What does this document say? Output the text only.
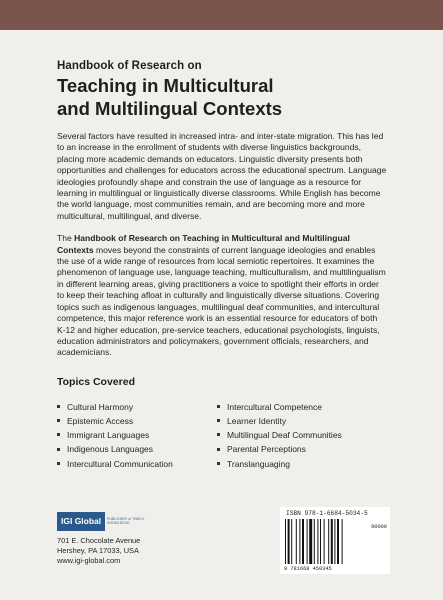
Handbook of Research on
Teaching in Multicultural
and Multilingual Contexts

Several factors have resulted in increased intra- and inter-state migration. This has led to an increase in the enrollment of students with diverse linguistics backgrounds, placing more academic demands on educators. Linguistic diversity presents both opportunities and challenges for educators across the educational spectrum. Language ideologies profoundly shape and constrain the use of language as a resource for learning in multilingual or linguistically diverse classrooms. While English has become the world language, most communities remain, and are becoming more and more multicultural, multilingual, and diverse.

The Handbook of Research on Teaching in Multicultural and Multilingual Contexts moves beyond the constraints of current language ideologies and enables the use of a wide range of resources from local semiotic repertoires. It examines the phenomenon of language use, language teaching, multiculturalism, and multilingualism in different learning areas, giving practitioners a voice to spotlight their efforts in order to keep their teaching afloat in culturally and linguistically diverse situations. Covering topics such as indigenous languages, multilingual deaf communities, and intercultural competence, this major reference work is an essential resource for educators of both K-12 and higher education, pre-service teachers, educational psychologists, linguists, education administrators and policymakers, government officials, researchers, and academicians.

Topics Covered
Cultural Harmony
Epistemic Access
Immigrant Languages
Indigenous Languages
Intercultural Communication
Intercultural Competence
Learner Identity
Multilingual Deaf Communities
Parental Perceptions
Translanguaging
IGI Global	PUBLISHER of TIMELY KNOWLEDGE
701 E. Chocolate Avenue
Hershey, PA 17033, USA
www.igi-global.com
ISBN 978-1-6684-5034-5
90000
9 781668 450345
